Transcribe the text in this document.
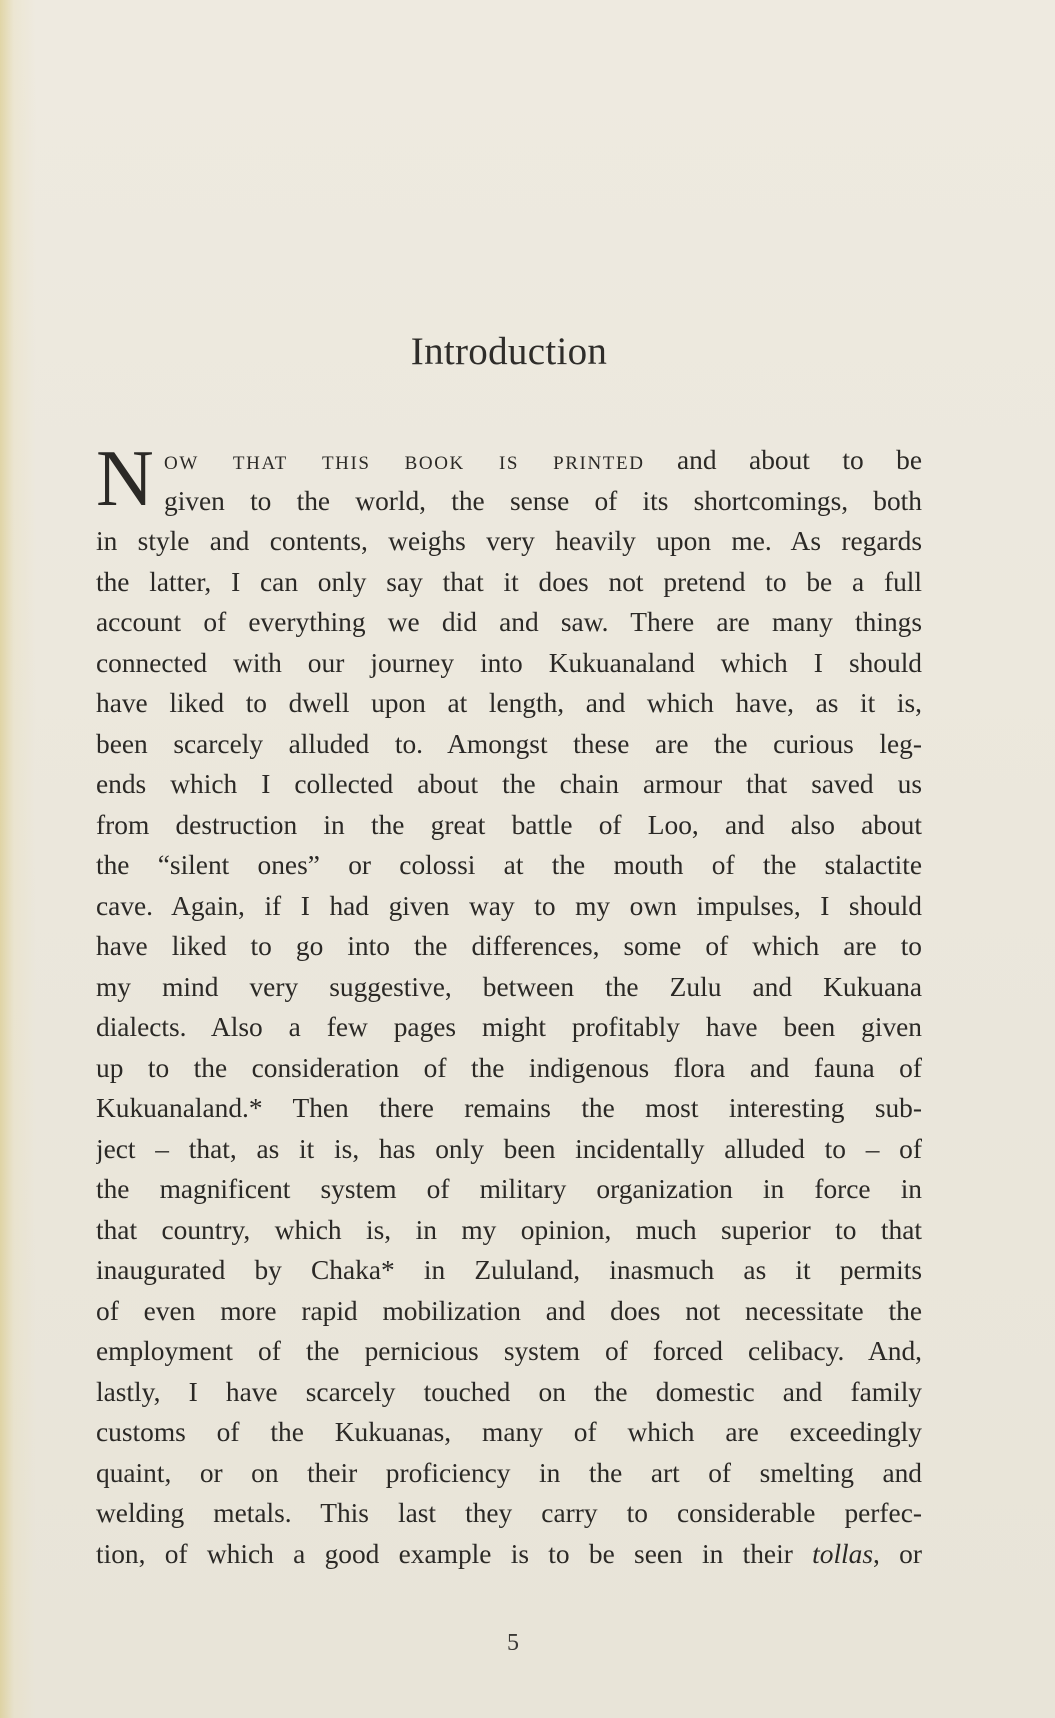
Introduction
N ow that this book is printed and about to be
given to the world, the sense of its shortcomings, both
in style and contents, weighs very heavily upon me. As regards
the latter, I can only say that it does not pretend to be a full
account of everything we did and saw. There are many things
connected with our journey into Kukuanaland which I should
have liked to dwell upon at length, and which have, as it is,
been scarcely alluded to. Amongst these are the curious leg-
ends which I collected about the chain armour that saved us
from destruction in the great battle of Loo, and also about
the “silent ones” or colossi at the mouth of the stalactite
cave. Again, if I had given way to my own impulses, I should
have liked to go into the differences, some of which are to
my mind very suggestive, between the Zulu and Kukuana
dialects. Also a few pages might profitably have been given
up to the consideration of the indigenous flora and fauna of
Kukuanaland.* Then there remains the most interesting sub-
ject – that, as it is, has only been incidentally alluded to – of
the magnificent system of military organization in force in
that country, which is, in my opinion, much superior to that
inaugurated by Chaka* in Zululand, inasmuch as it permits
of even more rapid mobilization and does not necessitate the
employment of the pernicious system of forced celibacy. And,
lastly, I have scarcely touched on the domestic and family
customs of the Kukuanas, many of which are exceedingly
quaint, or on their proficiency in the art of smelting and
welding metals. This last they carry to considerable perfec-
tion, of which a good example is to be seen in their tollas, or
5
